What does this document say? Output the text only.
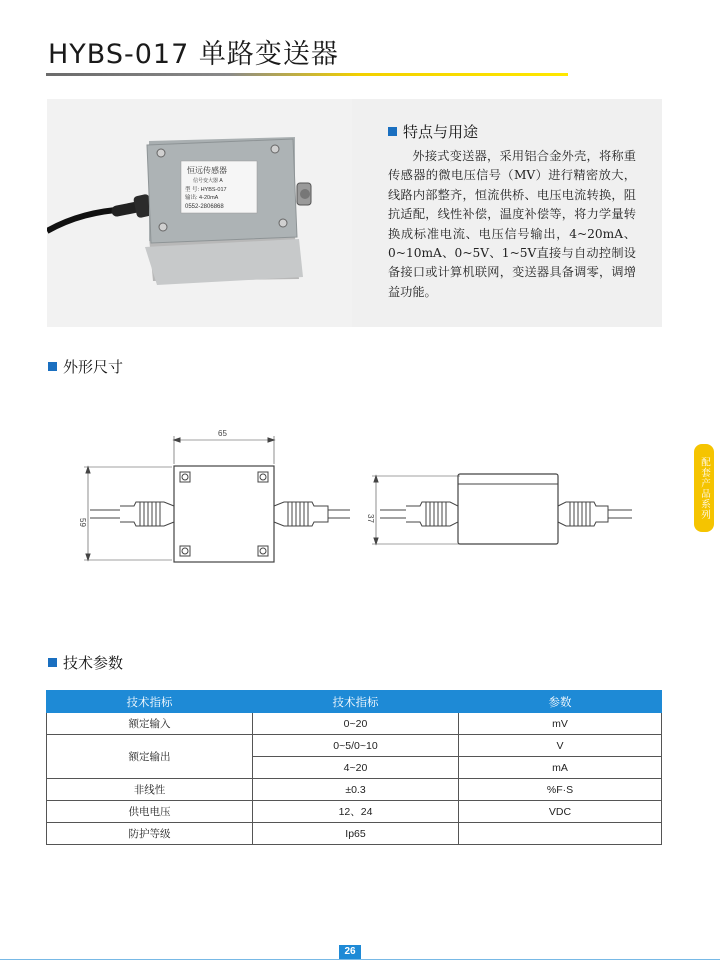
HYBS-017 单路变送器
恒远传感器
信号变大器 A
型 号: HYBS-017
输出: 4-20mA
0552-2806868
特点与用途
外接式变送器，采用铝合金外壳，将称重传感器的微电压信号（MV）进行精密放大，线路内部整齐，恒流供桥、电压电流转换，阻抗适配，线性补偿，温度补偿等，将力学量转换成标准电流、电压信号输出，4~20mA、0~10mA、0~5V、1~5V直接与自动控制设备接口或计算机联网，变送器具备调零，调增益功能。
外形尺寸
65
59	37
技术参数
技术指标	技术指标	参数
额定输入	0~20	mV
额定输出	0~5/0~10	V
	4~20	mA
非线性	±0.3	%F·S
供电电压	12、24	VDC
防护等级	Ip65	
配套产品系列
26
